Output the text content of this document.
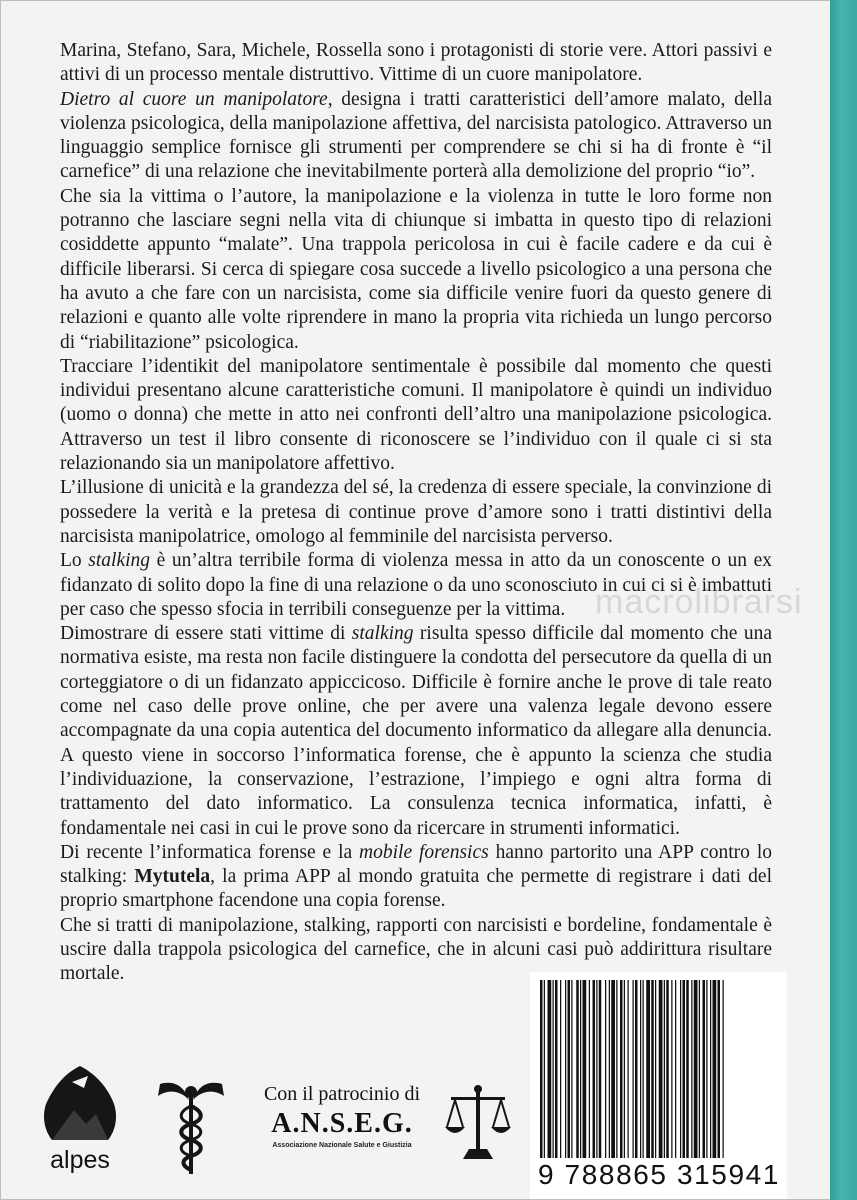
Marina, Stefano, Sara, Michele, Rossella sono i protagonisti di storie vere. Attori passivi e attivi di un processo mentale distruttivo. Vittime di un cuore manipolatore.

Dietro al cuore un manipolatore, designa i tratti caratteristici dell’amore malato, della violenza psicologica, della manipolazione affettiva, del narcisista patologico. Attraverso un linguaggio semplice fornisce gli strumenti per comprendere se chi si ha di fronte è “il carnefice” di una relazione che inevitabilmente porterà alla demolizione del proprio “io”.

Che sia la vittima o l’autore, la manipolazione e la violenza in tutte le loro forme non potranno che lasciare segni nella vita di chiunque si imbatta in questo tipo di relazioni cosiddette appunto “malate”. Una trappola pericolosa in cui è facile cadere e da cui è difficile liberarsi. Si cerca di spiegare cosa succede a livello psicologico a una persona che ha avuto a che fare con un narcisista, come sia difficile venire fuori da questo genere di relazioni e quanto alle volte riprendere in mano la propria vita richieda un lungo percorso di “riabilitazione” psicologica.

Tracciare l’identikit del manipolatore sentimentale è possibile dal momento che questi individui presentano alcune caratteristiche comuni. Il manipolatore è quindi un individuo (uomo o donna) che mette in atto nei confronti dell’altro una manipolazione psicologica. Attraverso un test il libro consente di riconoscere se l’individuo con il quale ci si sta relazionando sia un manipolatore affettivo.

L’illusione di unicità e la grandezza del sé, la credenza di essere speciale, la convinzione di possedere la verità e la pretesa di continue prove d’amore sono i tratti distintivi della narcisista manipolatrice, omologo al femminile del narcisista perverso.

Lo stalking è un’altra terribile forma di violenza messa in atto da un conoscente o un ex fidanzato di solito dopo la fine di una relazione o da uno sconosciuto in cui ci si è imbattuti per caso che spesso sfocia in terribili conseguenze per la vittima.

Dimostrare di essere stati vittime di stalking risulta spesso difficile dal momento che una normativa esiste, ma resta non facile distinguere la condotta del persecutore da quella di un corteggiatore o di un fidanzato appiccicoso. Difficile è fornire anche le prove di tale reato come nel caso delle prove online, che per avere una valenza legale devono essere accompagnate da una copia autentica del documento informatico da allegare alla denuncia. A questo viene in soccorso l’informatica forense, che è appunto la scienza che studia l’individuazione, la conservazione, l’estrazione, l’impiego e ogni altra forma di trattamento del dato informatico. La consulenza tecnica informatica, infatti, è fondamentale nei casi in cui le prove sono da ricercare in strumenti informatici.

Di recente l’informatica forense e la mobile forensics hanno partorito una APP contro lo stalking: Mytutela, la prima APP al mondo gratuita che permette di registrare i dati del proprio smartphone facendone una copia forense.

Che si tratti di manipolazione, stalking, rapporti con narcisisti e bordeline, fondamentale è uscire dalla trappola psicologica del carnefice, che in alcuni casi può addirittura risultare mortale.

macrolibrarsi
alpes
Con il patrocinio di
A.N.S.E.G.
Associazione Nazionale Salute e Giustizia
9 788865 315941
